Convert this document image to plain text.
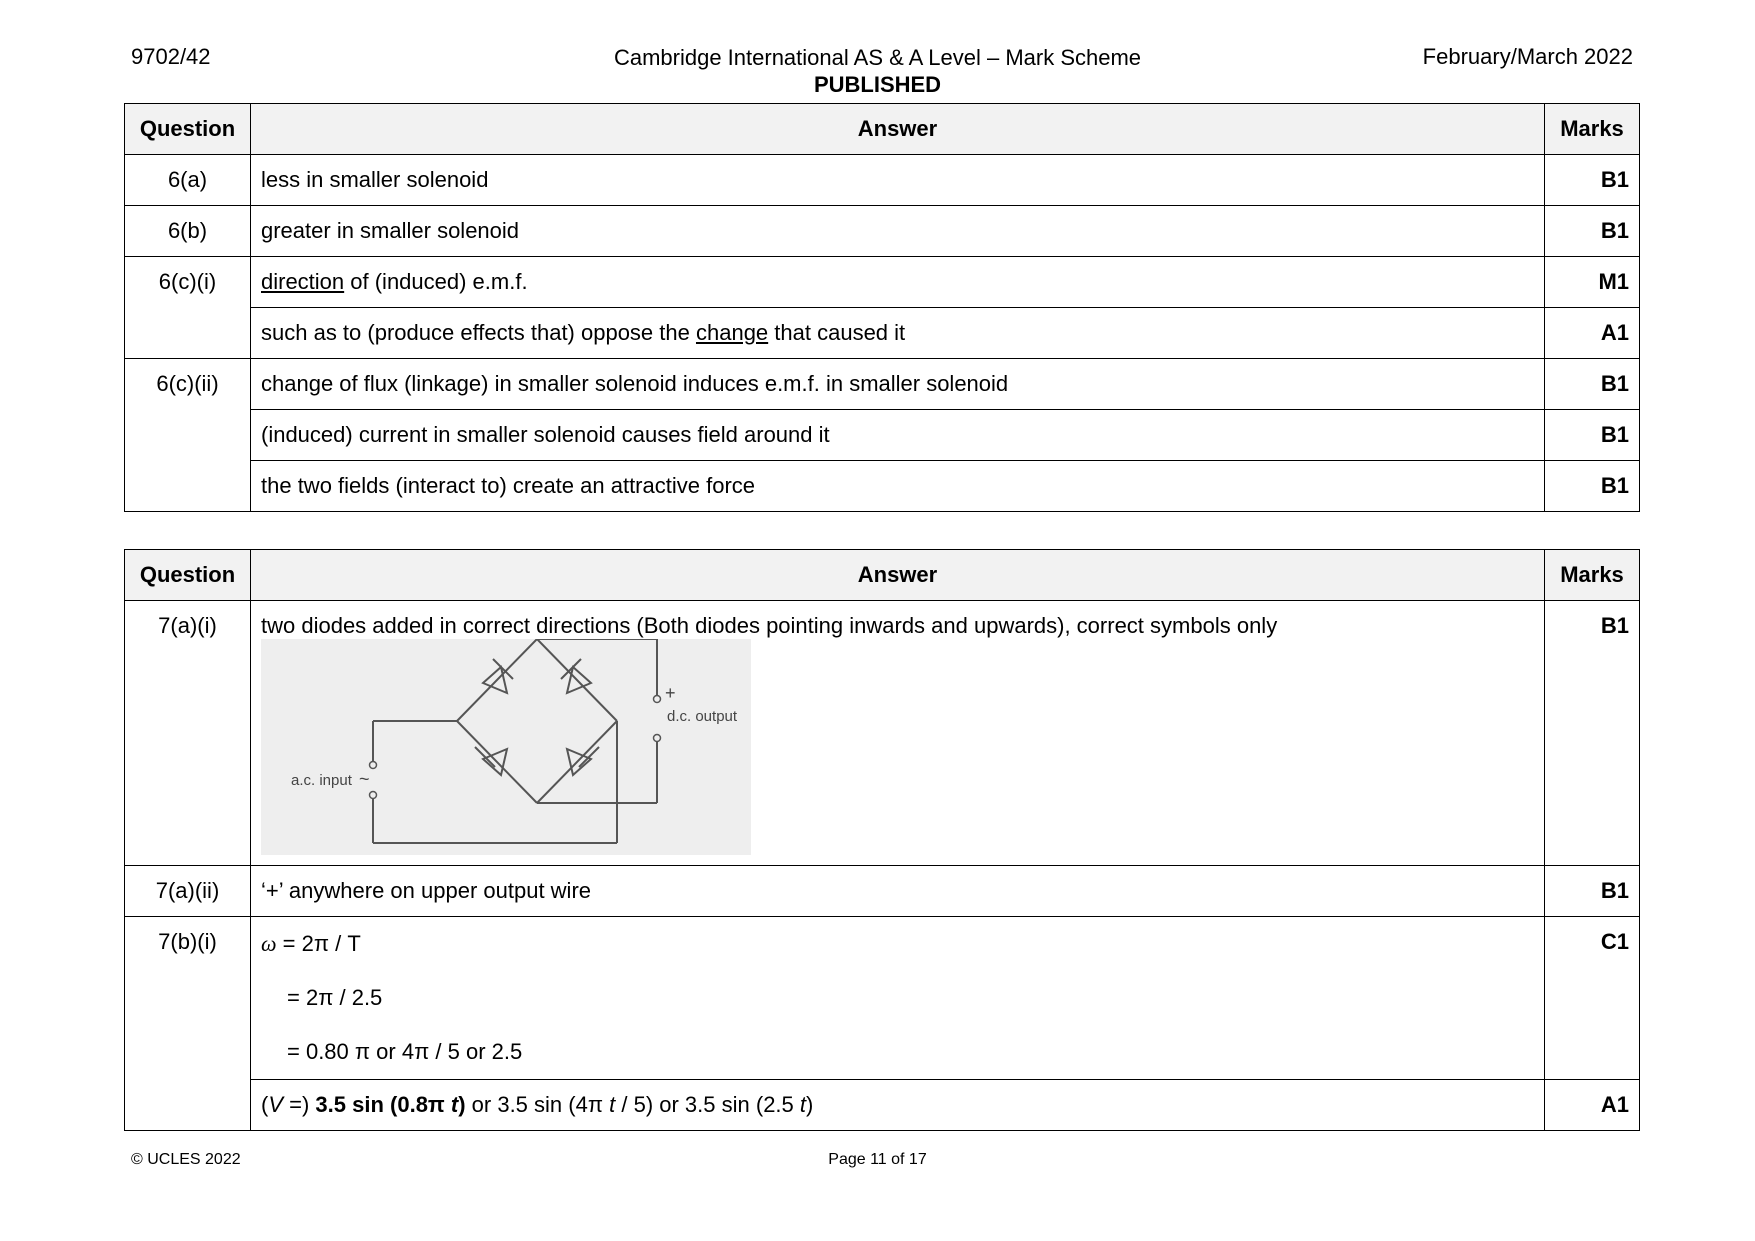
9702/42	Cambridge International AS & A Level – Mark Scheme
PUBLISHED
February/March 2022
Question	Answer	Marks
6(a)	less in smaller solenoid	B1
6(b)	greater in smaller solenoid	B1
6(c)(i)	direction of (induced) e.m.f.	M1
	such as to (produce effects that) oppose the change that caused it	A1
6(c)(ii)	change of flux (linkage) in smaller solenoid induces e.m.f. in smaller solenoid	B1
	(induced) current in smaller solenoid causes field around it	B1
	the two fields (interact to) create an attractive force	B1
Question	Answer	Marks
7(a)(i)	two diodes added in correct directions (Both diodes pointing inwards and upwards), correct symbols only
+
d.c. output
a.c. input ~	B1
7(a)(ii)	‘+’ anywhere on upper output wire	B1
7(b)(i)	ω = 2π / T
= 2π / 2.5
= 0.80 π or 4π / 5 or 2.5	C1
	(V =) 3.5 sin (0.8π t) or 3.5 sin (4π t / 5) or 3.5 sin (2.5 t)	A1
© UCLES 2022	Page 11 of 17
